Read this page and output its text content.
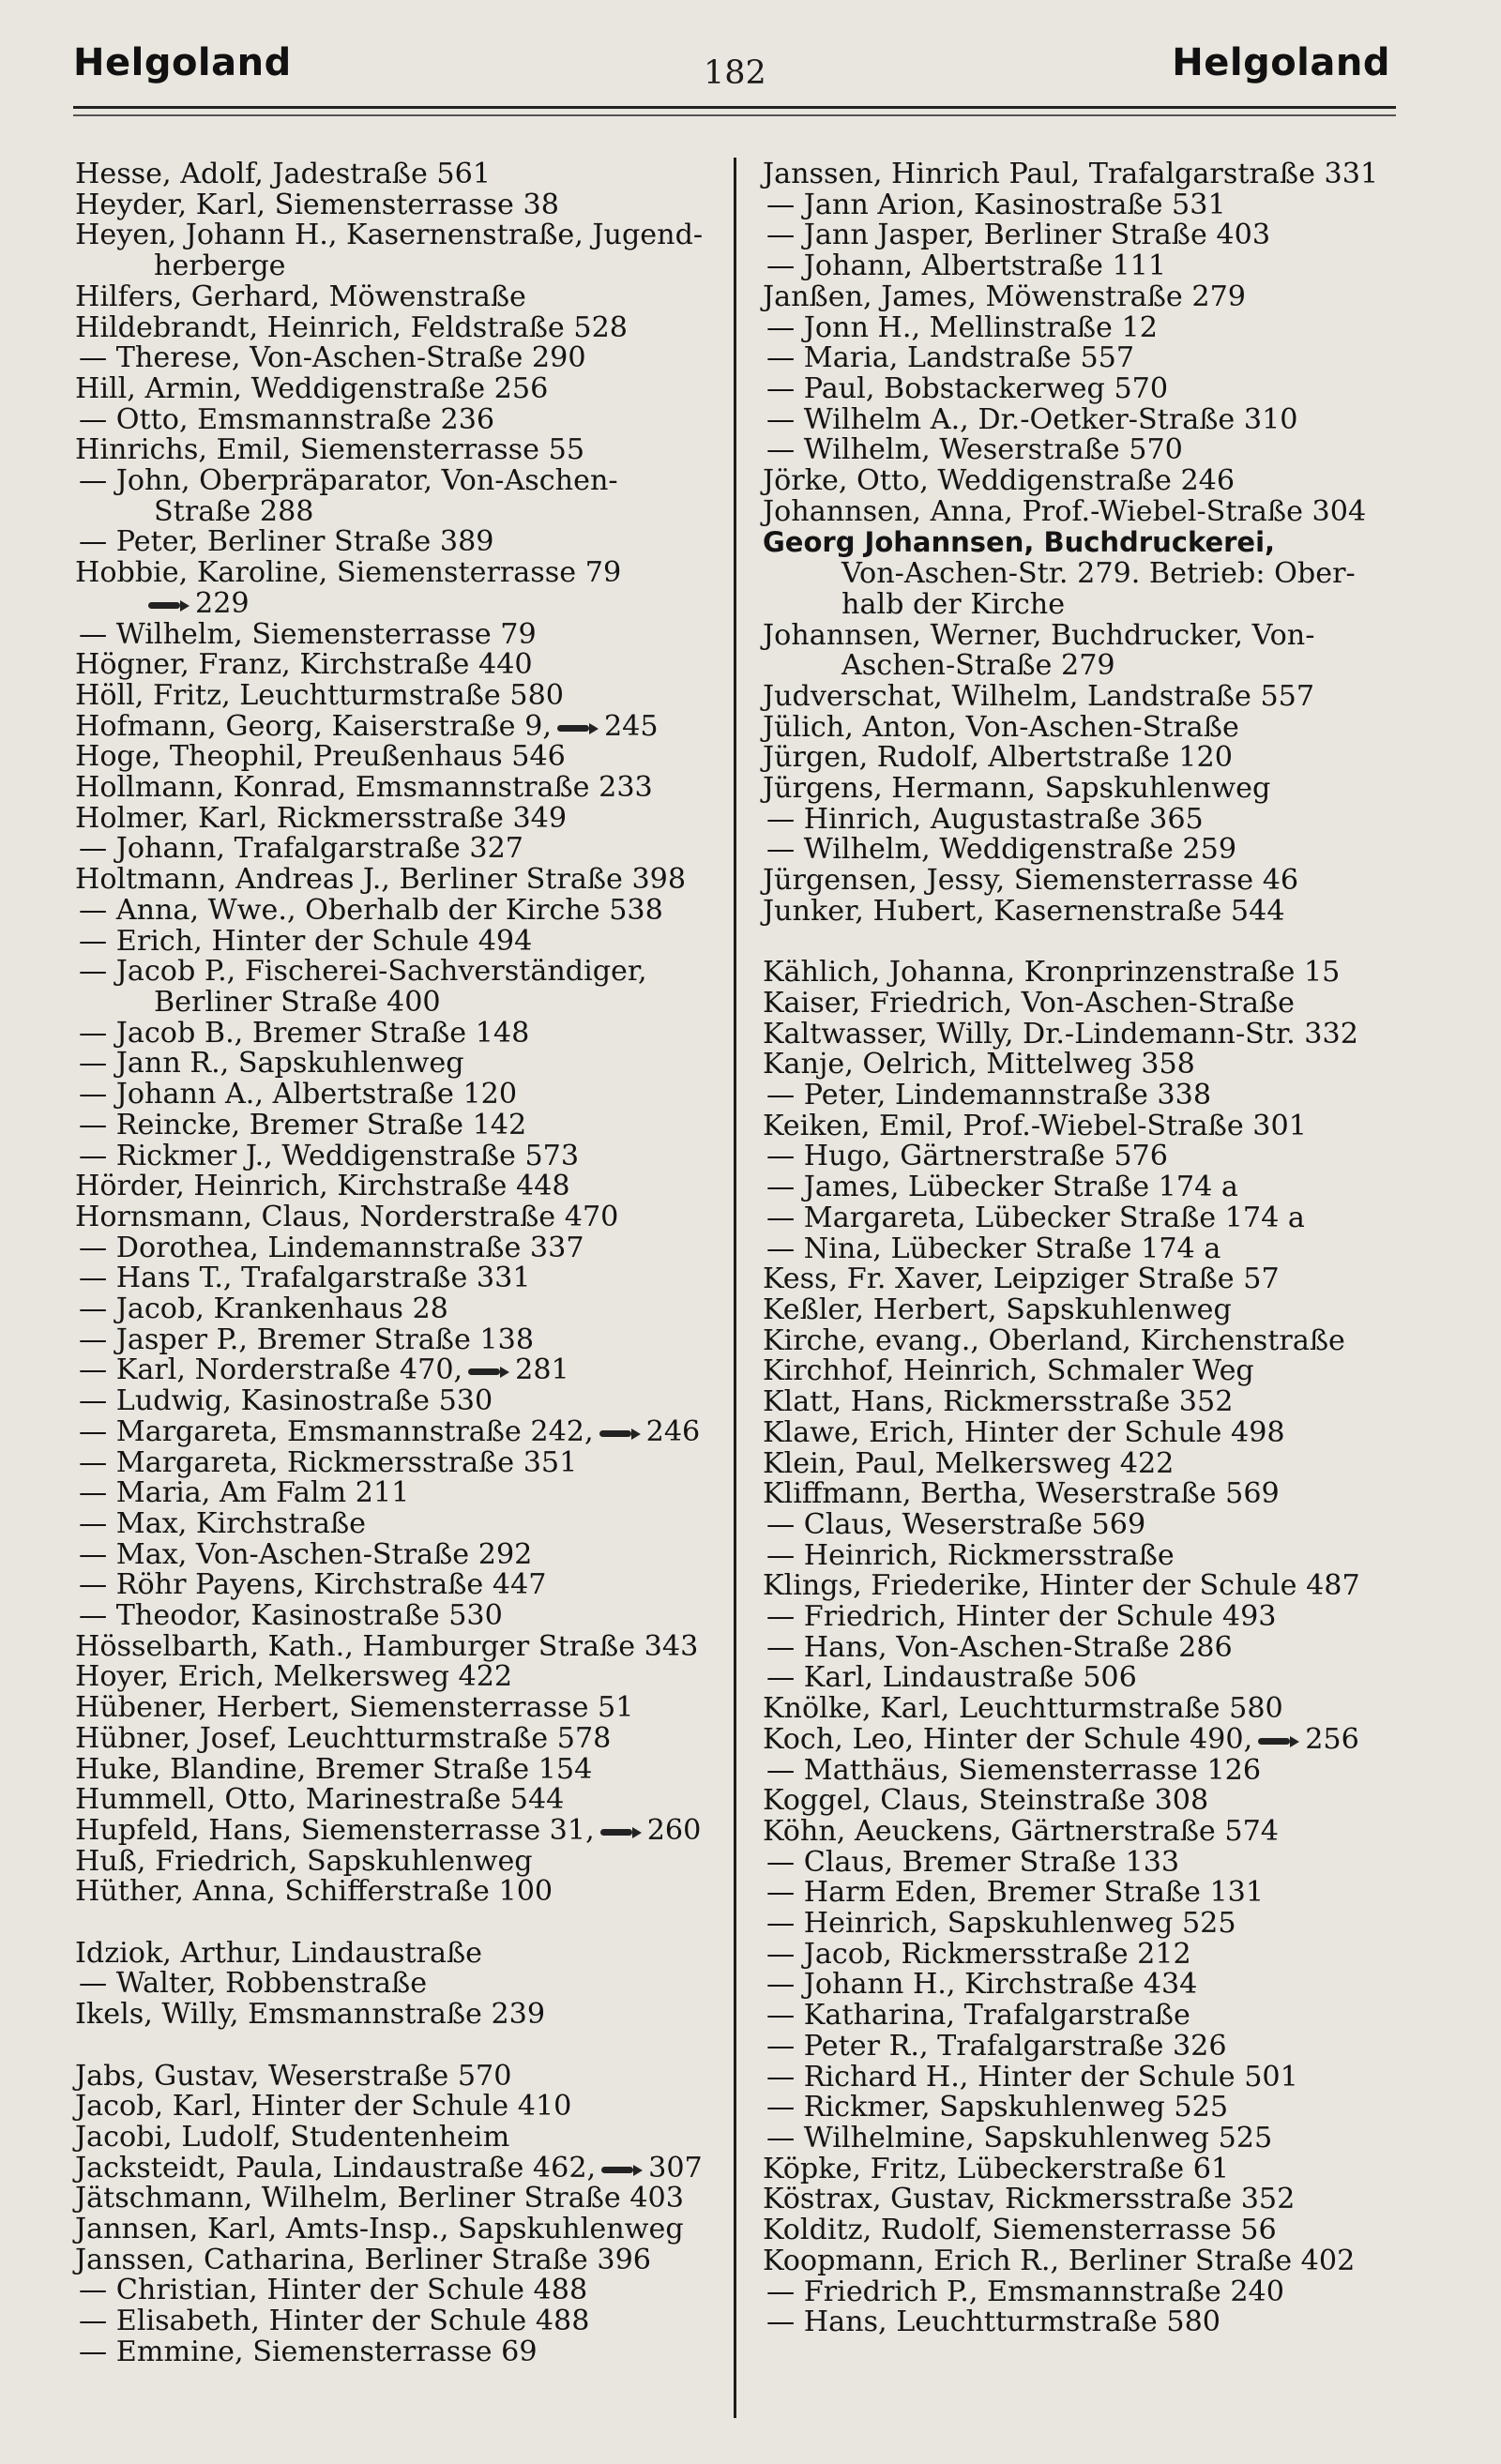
Helgoland	182	Helgoland
Hesse, Adolf, Jadestraße 561
Heyder, Karl, Siemensterrasse 38
Heyen, Johann H., Kasernenstraße, Jugend-
herberge
Hilfers, Gerhard, Möwenstraße
Hildebrandt, Heinrich, Feldstraße 528
— Therese, Von-Aschen-Straße 290
Hill, Armin, Weddigenstraße 256
— Otto, Emsmannstraße 236
Hinrichs, Emil, Siemensterrasse 55
— John, Oberpräparator, Von-Aschen-
Straße 288
— Peter, Berliner Straße 389
Hobbie, Karoline, Siemensterrasse 79
229
— Wilhelm, Siemensterrasse 79
Högner, Franz, Kirchstraße 440
Höll, Fritz, Leuchtturmstraße 580
Hofmann, Georg, Kaiserstraße 9, 245
Hoge, Theophil, Preußenhaus 546
Hollmann, Konrad, Emsmannstraße 233
Holmer, Karl, Rickmersstraße 349
— Johann, Trafalgarstraße 327
Holtmann, Andreas J., Berliner Straße 398
— Anna, Wwe., Oberhalb der Kirche 538
— Erich, Hinter der Schule 494
— Jacob P., Fischerei-Sachverständiger,
Berliner Straße 400
— Jacob B., Bremer Straße 148
— Jann R., Sapskuhlenweg
— Johann A., Albertstraße 120
— Reincke, Bremer Straße 142
— Rickmer J., Weddigenstraße 573
Hörder, Heinrich, Kirchstraße 448
Hornsmann, Claus, Norderstraße 470
— Dorothea, Lindemannstraße 337
— Hans T., Trafalgarstraße 331
— Jacob, Krankenhaus 28
— Jasper P., Bremer Straße 138
— Karl, Norderstraße 470, 281
— Ludwig, Kasinostraße 530
— Margareta, Emsmannstraße 242, 246
— Margareta, Rickmersstraße 351
— Maria, Am Falm 211
— Max, Kirchstraße
— Max, Von-Aschen-Straße 292
— Röhr Payens, Kirchstraße 447
— Theodor, Kasinostraße 530
Hösselbarth, Kath., Hamburger Straße 343
Hoyer, Erich, Melkersweg 422
Hübener, Herbert, Siemensterrasse 51
Hübner, Josef, Leuchtturmstraße 578
Huke, Blandine, Bremer Straße 154
Hummell, Otto, Marinestraße 544
Hupfeld, Hans, Siemensterrasse 31, 260
Huß, Friedrich, Sapskuhlenweg
Hüther, Anna, Schifferstraße 100
Idziok, Arthur, Lindaustraße
— Walter, Robbenstraße
Ikels, Willy, Emsmannstraße 239
Jabs, Gustav, Weserstraße 570
Jacob, Karl, Hinter der Schule 410
Jacobi, Ludolf, Studentenheim
Jacksteidt, Paula, Lindaustraße 462, 307
Jätschmann, Wilhelm, Berliner Straße 403
Jannsen, Karl, Amts-Insp., Sapskuhlenweg
Janssen, Catharina, Berliner Straße 396
— Christian, Hinter der Schule 488
— Elisabeth, Hinter der Schule 488
— Emmine, Siemensterrasse 69
Janssen, Hinrich Paul, Trafalgarstraße 331
— Jann Arion, Kasinostraße 531
— Jann Jasper, Berliner Straße 403
— Johann, Albertstraße 111
Janßen, James, Möwenstraße 279
— Jonn H., Mellinstraße 12
— Maria, Landstraße 557
— Paul, Bobstackerweg 570
— Wilhelm A., Dr.-Oetker-Straße 310
— Wilhelm, Weserstraße 570
Jörke, Otto, Weddigenstraße 246
Johannsen, Anna, Prof.-Wiebel-Straße 304
Georg Johannsen, Buchdruckerei,
Von-Aschen-Str. 279. Betrieb: Ober-
halb der Kirche
Johannsen, Werner, Buchdrucker, Von-
Aschen-Straße 279
Judverschat, Wilhelm, Landstraße 557
Jülich, Anton, Von-Aschen-Straße
Jürgen, Rudolf, Albertstraße 120
Jürgens, Hermann, Sapskuhlenweg
— Hinrich, Augustastraße 365
— Wilhelm, Weddigenstraße 259
Jürgensen, Jessy, Siemensterrasse 46
Junker, Hubert, Kasernenstraße 544
Kählich, Johanna, Kronprinzenstraße 15
Kaiser, Friedrich, Von-Aschen-Straße
Kaltwasser, Willy, Dr.-Lindemann-Str. 332
Kanje, Oelrich, Mittelweg 358
— Peter, Lindemannstraße 338
Keiken, Emil, Prof.-Wiebel-Straße 301
— Hugo, Gärtnerstraße 576
— James, Lübecker Straße 174 a
— Margareta, Lübecker Straße 174 a
— Nina, Lübecker Straße 174 a
Kess, Fr. Xaver, Leipziger Straße 57
Keßler, Herbert, Sapskuhlenweg
Kirche, evang., Oberland, Kirchenstraße
Kirchhof, Heinrich, Schmaler Weg
Klatt, Hans, Rickmersstraße 352
Klawe, Erich, Hinter der Schule 498
Klein, Paul, Melkersweg 422
Kliffmann, Bertha, Weserstraße 569
— Claus, Weserstraße 569
— Heinrich, Rickmersstraße
Klings, Friederike, Hinter der Schule 487
— Friedrich, Hinter der Schule 493
— Hans, Von-Aschen-Straße 286
— Karl, Lindaustraße 506
Knölke, Karl, Leuchtturmstraße 580
Koch, Leo, Hinter der Schule 490, 256
— Matthäus, Siemensterrasse 126
Koggel, Claus, Steinstraße 308
Köhn, Aeuckens, Gärtnerstraße 574
— Claus, Bremer Straße 133
— Harm Eden, Bremer Straße 131
— Heinrich, Sapskuhlenweg 525
— Jacob, Rickmersstraße 212
— Johann H., Kirchstraße 434
— Katharina, Trafalgarstraße
— Peter R., Trafalgarstraße 326
— Richard H., Hinter der Schule 501
— Rickmer, Sapskuhlenweg 525
— Wilhelmine, Sapskuhlenweg 525
Köpke, Fritz, Lübeckerstraße 61
Köstrax, Gustav, Rickmersstraße 352
Kolditz, Rudolf, Siemensterrasse 56
Koopmann, Erich R., Berliner Straße 402
— Friedrich P., Emsmannstraße 240
— Hans, Leuchtturmstraße 580
